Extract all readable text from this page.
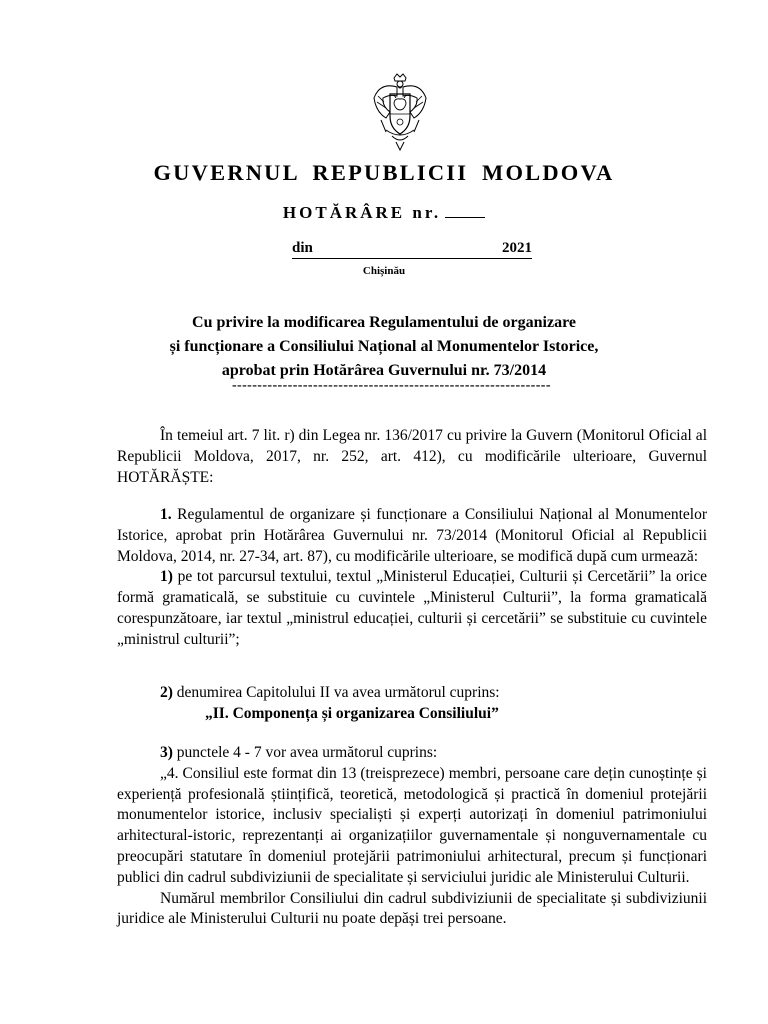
GUVERNUL REPUBLICII MOLDOVA
HOTĂRÂRE nr.
din	2021
Chișinău
Cu privire la modificarea Regulamentului de organizare
și funcționare a Consiliului Național al Monumentelor Istorice,
aprobat prin Hotărârea Guvernului nr. 73/2014
---------------------------------------------------------------

În temeiul art. 7 lit. r) din Legea nr. 136/2017 cu privire la Guvern (Monitorul Oficial al Republicii Moldova, 2017, nr. 252, art. 412), cu modificările ulterioare, Guvernul HOTĂRĂȘTE:

1. Regulamentul de organizare și funcționare a Consiliului Național al Monumentelor Istorice, aprobat prin Hotărârea Guvernului nr. 73/2014 (Monitorul Oficial al Republicii Moldova, 2014, nr. 27-34, art. 87), cu modificările ulterioare, se modifică după cum urmează:

1) pe tot parcursul textului, textul „Ministerul Educației, Culturii și Cercetării” la orice formă gramaticală, se substituie cu cuvintele „Ministerul Culturii”, la forma gramaticală corespunzătoare, iar textul „ministrul educației, culturii și cercetării” se substituie cu cuvintele „ministrul culturii”;

2) denumirea Capitolului II va avea următorul cuprins:

„II. Componența și organizarea Consiliului”

3) punctele 4 - 7 vor avea următorul cuprins:

„4. Consiliul este format din 13 (treisprezece) membri, persoane care dețin cunoștințe și experiență profesională științifică, teoretică, metodologică și practică în domeniul protejării monumentelor istorice, inclusiv specialiști și experți autorizați în domeniul patrimoniului arhitectural-istoric, reprezentanți ai organizațiilor guvernamentale și nonguvernamentale cu preocupări statutare în domeniul protejării patrimoniului arhitectural, precum și funcționari publici din cadrul subdiviziunii de specialitate și serviciului juridic ale Ministerului Culturii.

Numărul membrilor Consiliului din cadrul subdiviziunii de specialitate și subdiviziunii juridice ale Ministerului Culturii nu poate depăși trei persoane.
